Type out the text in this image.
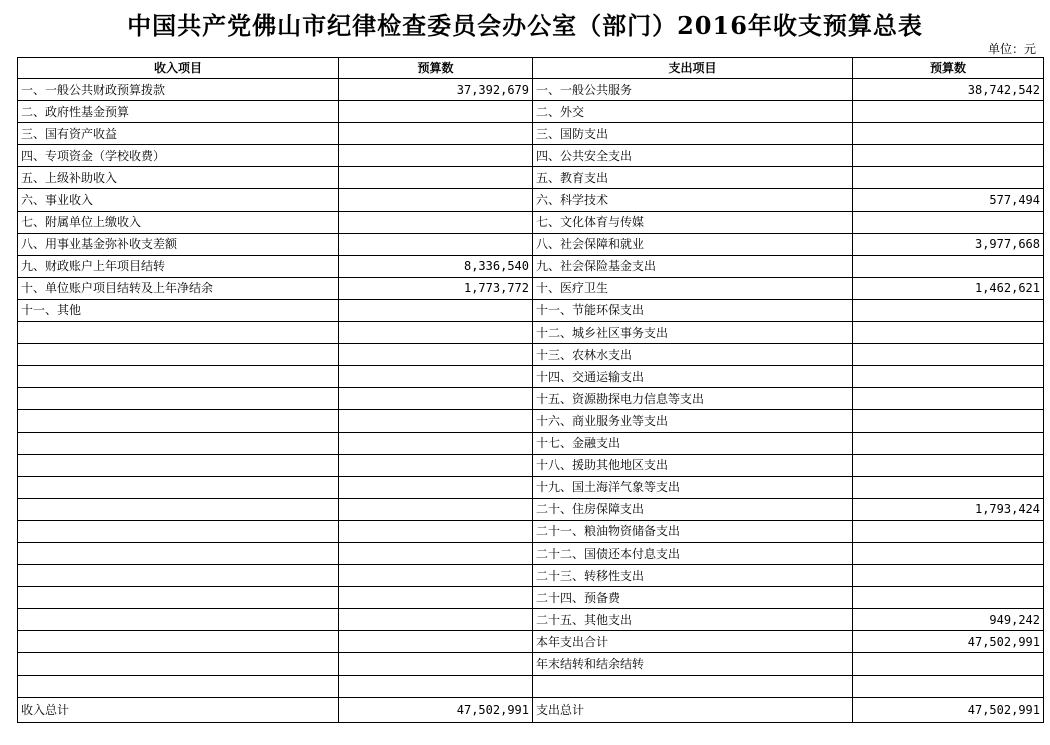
中国共产党佛山市纪律检查委员会办公室（部门）2016年收支预算总表
单位：元
收入项目	预算数	支出项目	预算数
一、一般公共财政预算拨款	37,392,679	一、一般公共服务	38,742,542
二、政府性基金预算		二、外交	
三、国有资产收益		三、国防支出	
四、专项资金（学校收费）		四、公共安全支出	
五、上级补助收入		五、教育支出	
六、事业收入		六、科学技术	577,494
七、附属单位上缴收入		七、文化体育与传媒	
八、用事业基金弥补收支差额		八、社会保障和就业	3,977,668
九、财政账户上年项目结转	8,336,540	九、社会保险基金支出	
十、单位账户项目结转及上年净结余	1,773,772	十、医疗卫生	1,462,621
十一、其他		十一、节能环保支出	
		十二、城乡社区事务支出	
		十三、农林水支出	
		十四、交通运输支出	
		十五、资源勘探电力信息等支出	
		十六、商业服务业等支出	
		十七、金融支出	
		十八、援助其他地区支出	
		十九、国土海洋气象等支出	
		二十、住房保障支出	1,793,424
		二十一、粮油物资储备支出	
		二十二、国债还本付息支出	
		二十三、转移性支出	
		二十四、预备费	
		二十五、其他支出	949,242
		本年支出合计	47,502,991
		年末结转和结余结转	

收入总计	47,502,991	支出总计	47,502,991
